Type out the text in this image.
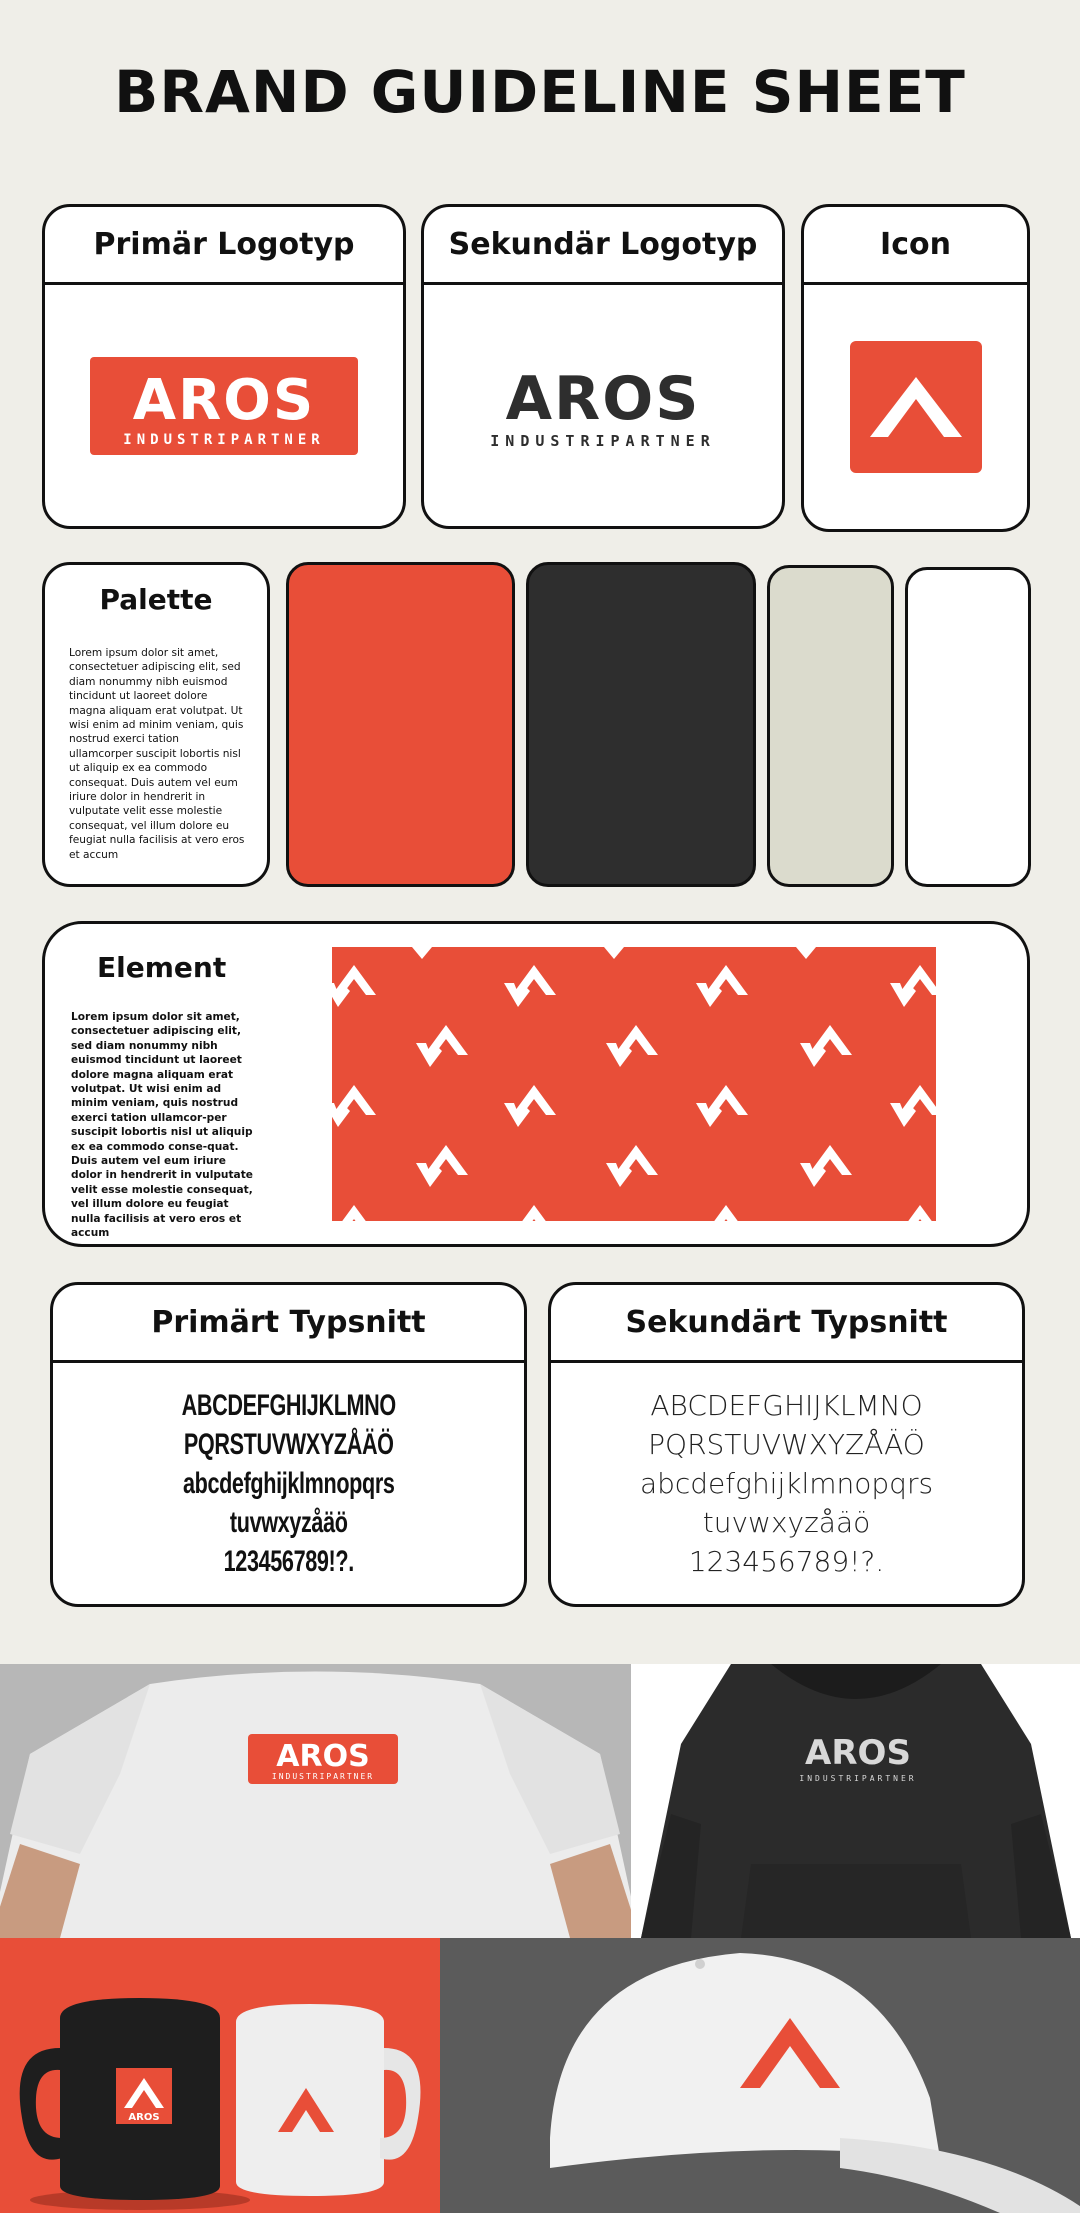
BRAND GUIDELINE SHEET
Primär Logotyp
AROS
INDUSTRIPARTNER
Sekundär Logotyp
AROS
INDUSTRIPARTNER
Icon
Palette
Lorem ipsum dolor sit amet, consectetuer adipiscing elit, sed diam nonummy nibh euismod tincidunt ut laoreet dolore magna aliquam erat volutpat. Ut wisi enim ad minim veniam, quis nostrud exerci tation ullamcorper suscipit lobortis nisl ut aliquip ex ea commodo consequat. Duis autem vel eum iriure dolor in hendrerit in vulputate velit esse molestie consequat, vel illum dolore eu feugiat nulla facilisis at vero eros et accum
Element
Lorem ipsum dolor sit amet, consectetuer adipiscing elit, sed diam nonummy nibh euismod tincidunt ut laoreet dolore magna aliquam erat volutpat. Ut wisi enim ad minim veniam, quis nostrud exerci tation ullamcor-per suscipit lobortis nisl ut aliquip ex ea commodo conse-quat. Duis autem vel eum iriure dolor in hendrerit in vulputate velit esse molestie consequat, vel illum dolore eu feugiat nulla facilisis at vero eros et accum
Primärt Typsnitt
ABCDEFGHIJKLMNO
PQRSTUVWXYZÅÄÖ
abcdefghijklmnopqrs
tuvwxyzåäö
123456789!?.
Sekundärt Typsnitt
ABCDEFGHIJKLMNO
PQRSTUVWXYZÅÄÖ
abcdefghijklmnopqrs
tuvwxyzåäö
123456789!?.
AROS
INDUSTRIPARTNER
AROS
INDUSTRIPARTNER
AROS
